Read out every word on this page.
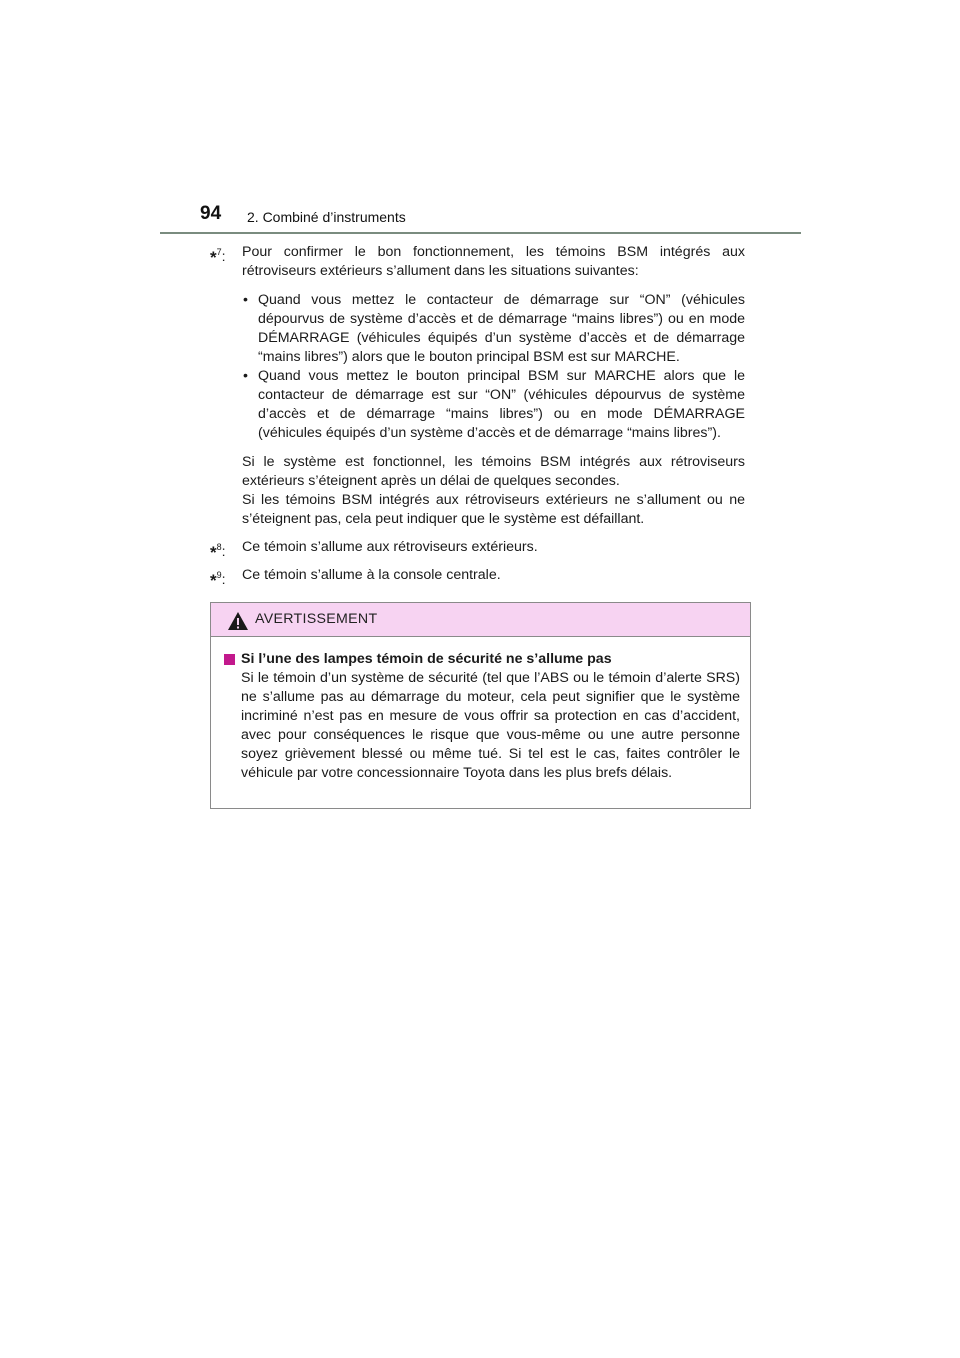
94 2. Combiné d’instruments
*$^7$: Pour confirmer le bon fonctionnement, les témoins BSM intégrés aux rétroviseurs extérieurs s’allument dans les situations suivantes:
• Quand vous mettez le contacteur de démarrage sur “ON” (véhicules dépourvus de système d’accès et de démarrage “mains libres”) ou en mode DÉMARRAGE (véhicules équipés d’un système d’accès et de démarrage “mains libres”) alors que le bouton principal BSM est sur MARCHE.
• Quand vous mettez le bouton principal BSM sur MARCHE alors que le contacteur de démarrage est sur “ON” (véhicules dépourvus de système d’accès et de démarrage “mains libres”) ou en mode DÉMARRAGE (véhicules équipés d’un système d’accès et de démarrage “mains libres”).

Si le système est fonctionnel, les témoins BSM intégrés aux rétroviseurs extérieurs s’éteignent après un délai de quelques secondes.

Si les témoins BSM intégrés aux rétroviseurs extérieurs ne s’allument ou ne s’éteignent pas, cela peut indiquer que le système est défaillant.

*$^8$: Ce témoin s’allume aux rétroviseurs extérieurs.
*$^9$: Ce témoin s’allume à la console centrale.
AVERTISSEMENT

Si l’une des lampes témoin de sécurité ne s’allume pas

Si le témoin d’un système de sécurité (tel que l’ABS ou le témoin d’alerte SRS) ne s’allume pas au démarrage du moteur, cela peut signifier que le système incriminé n’est pas en mesure de vous offrir sa protection en cas d’accident, avec pour conséquences le risque que vous-même ou une autre personne soyez grièvement blessé ou même tué. Si tel est le cas, faites contrôler le véhicule par votre concessionnaire Toyota dans les plus brefs délais.
